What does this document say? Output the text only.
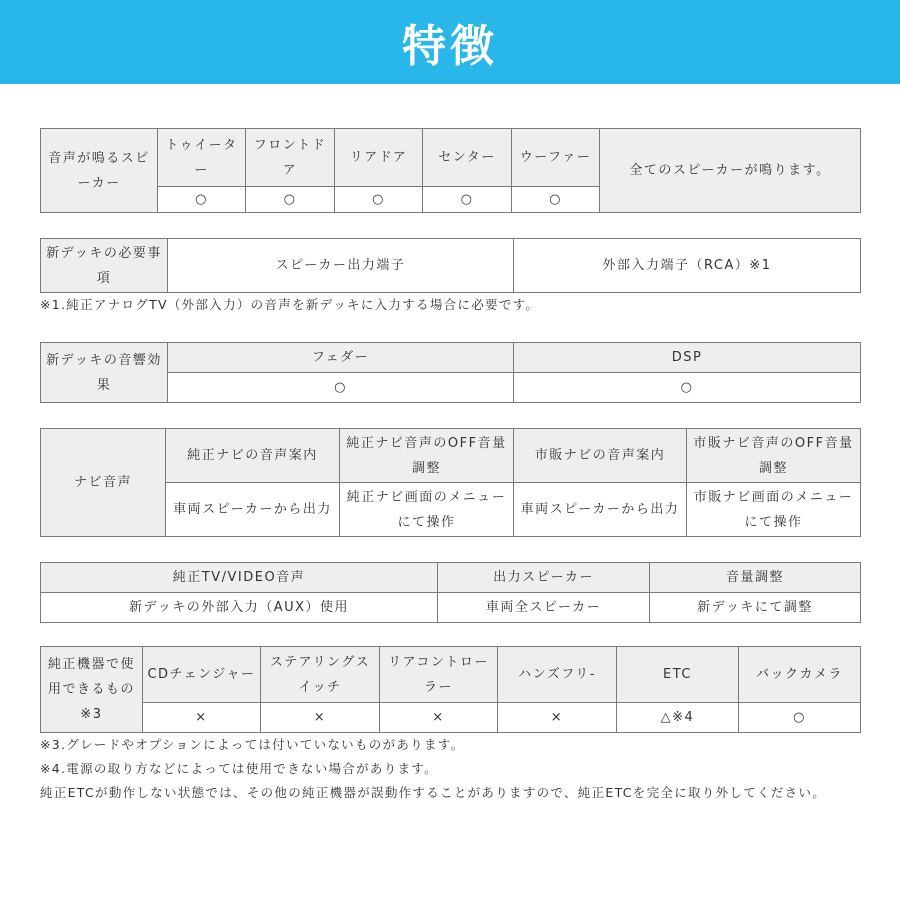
特徴
音声が鳴るスピーカー	トゥイーター	フロントドア	リアドア	センター	ウーファー	全てのスピーカーが鳴ります。
	○	○	○	○	○	
新デッキの必要事項	スピーカー出力端子	外部入力端子（RCA）※1
※1.純正アナログTV（外部入力）の音声を新デッキに入力する場合に必要です。
新デッキの音響効果	フェダー	DSP
	○	○
ナビ音声	純正ナビの音声案内	純正ナビ音声のOFF音量調整	市販ナビの音声案内	市販ナビ音声のOFF音量調整
	車両スピーカーから出力	純正ナビ画面のメニューにて操作	車両スピーカーから出力	市販ナビ画面のメニューにて操作
純正TV/VIDEO音声	出力スピーカー	音量調整
新デッキの外部入力（AUX）使用	車両全スピーカー	新デッキにて調整
純正機器で使用できるもの※3	CDチェンジャー	ステアリングスイッチ	リアコントローラー	ハンズフリ-	ETC	バックカメラ
	×	×	×	×	△※4	○
※3.グレードやオプションによっては付いていないものがあります。
※4.電源の取り方などによっては使用できない場合があります。
純正ETCが動作しない状態では、その他の純正機器が誤動作することがありますので、純正ETCを完全に取り外してください。
